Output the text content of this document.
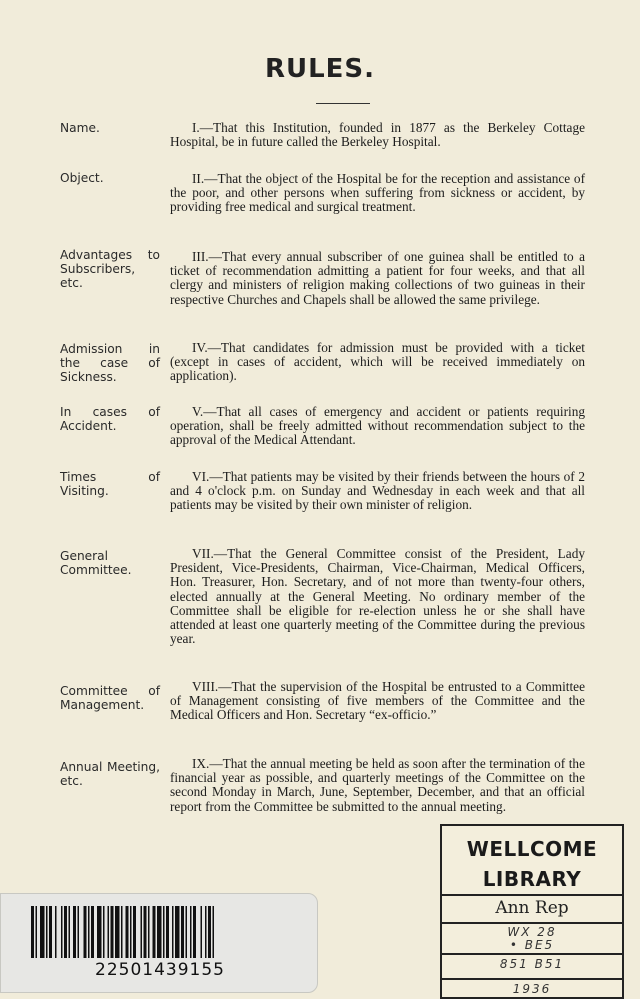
RULES.
Name.	I.—That this Institution, founded in 1877 as the Berkeley Cottage Hospital, be in future called the Berkeley Hospital.
Object.	II.—That the object of the Hospital be for the reception and assistance of the poor, and other persons when suffering from sickness or accident, by providing free medical and surgical treatment.
Advantages to Subscribers, etc.
III.—That every annual subscriber of one guinea shall be entitled to a ticket of recommendation admitting a patient for four weeks, and that all clergy and ministers of religion making collections of two guineas in their respective Churches and Chapels shall be allowed the same privilege.
Admission in the case of Sickness.
IV.—That candidates for admission must be provided with a ticket (except in cases of accident, which will be received immediately on application).
In cases of Accident.
V.—That all cases of emergency and accident or patients requiring operation, shall be freely admitted without recommendation subject to the approval of the Medical Attendant.
Times of Visiting.
VI.—That patients may be visited by their friends between the hours of 2 and 4 o'clock p.m. on Sunday and Wednesday in each week and that all patients may be visited by their own minister of religion.
General Committee.
VII.—That the General Committee consist of the President, Lady President, Vice-Presidents, Chairman, Vice-Chairman, Medical Officers, Hon. Treasurer, Hon. Secretary, and of not more than twenty-four others, elected annually at the General Meeting. No ordinary member of the Committee shall be eligible for re-election unless he or she shall have attended at least one quarterly meeting of the Committee during the previous year.
Committee of Management.
VIII.—That the supervision of the Hospital be entrusted to a Committee of Management consisting of five members of the Committee and the Medical Officers and Hon. Secretary “ex-officio.”
Annual Meeting, etc.
IX.—That the annual meeting be held as soon after the termination of the financial year as possible, and quarterly meetings of the Committee on the second Monday in March, June, September, December, and that an official report from the Committee be submitted to the annual meeting.
WELLCOME
LIBRARY
Ann Rep
WX 28
• BE5
851 B51
1936
22501439155
